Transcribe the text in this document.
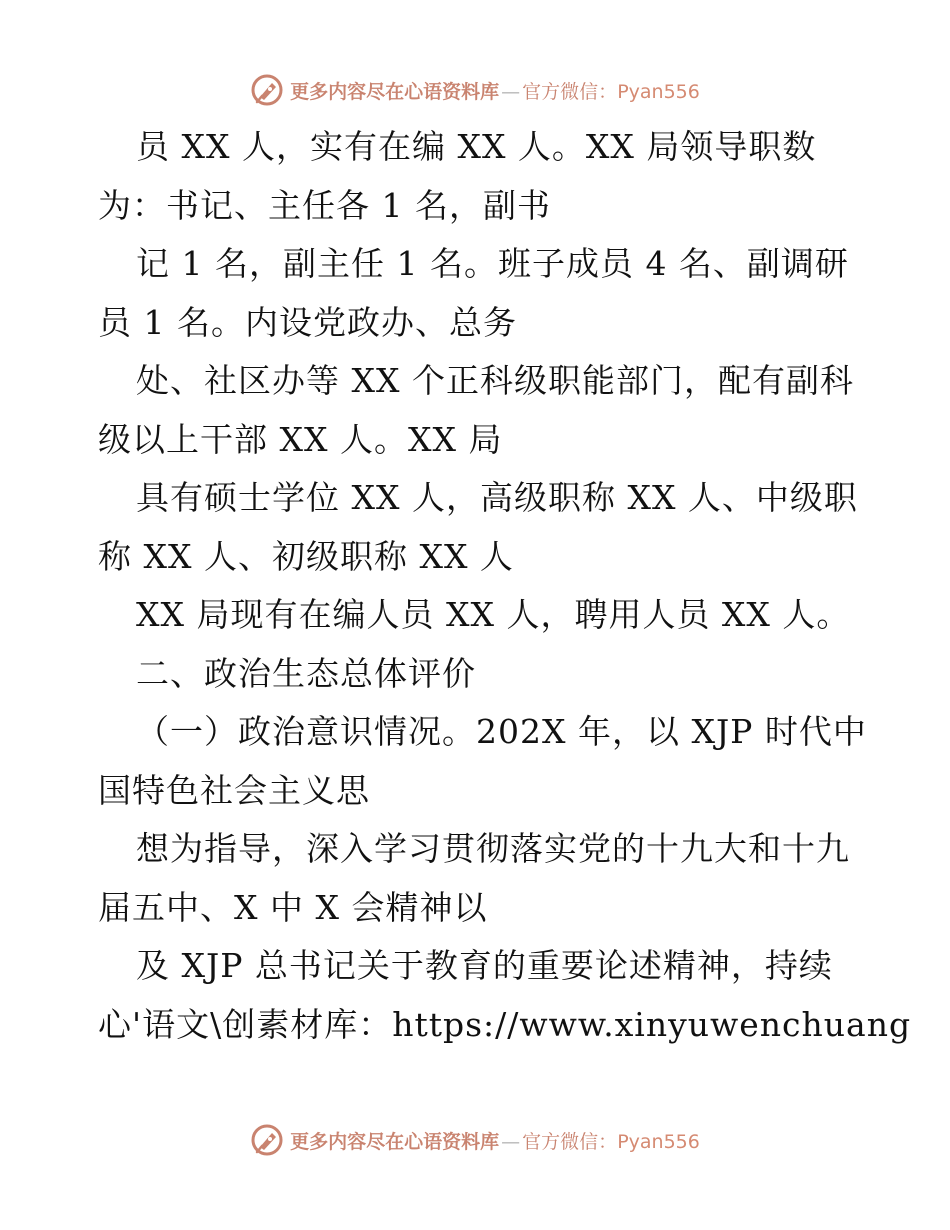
更多内容尽在心语资料库 — 官方微信：Pyan556
员 XX 人，实有在编 XX 人。XX 局领导职数
为：书记、主任各 1 名，副书
记 1 名，副主任 1 名。班子成员 4 名、副调研
员 1 名。内设党政办、总务
处、社区办等 XX 个正科级职能部门，配有副科
级以上干部 XX 人。XX 局
具有硕士学位 XX 人，高级职称 XX 人、中级职
称 XX 人、初级职称 XX 人
XX 局现有在编人员 XX 人，聘用人员 XX 人。
二、政治生态总体评价
（一）政治意识情况。202X 年，以 XJP 时代中
国特色社会主义思
想为指导，深入学习贯彻落实党的十九大和十九
届五中、X 中 X 会精神以
及 XJP 总书记关于教育的重要论述精神，持续
心'语文\创素材库：https://www.xinyuwenchuang
更多内容尽在心语资料库 — 官方微信：Pyan556
